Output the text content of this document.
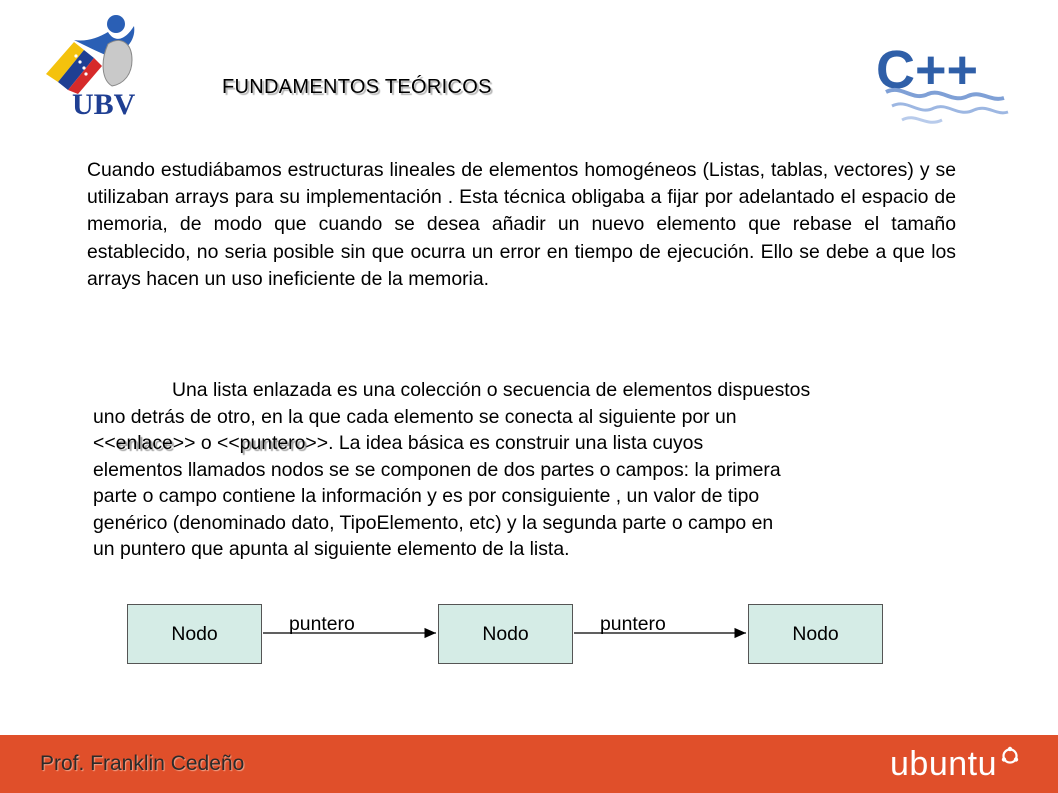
UBV
C++
FUNDAMENTOS TEÓRICOS
Cuando estudiábamos estructuras lineales de elementos homogéneos (Listas, tablas, vectores) y se utilizaban arrays para su implementación . Esta técnica obligaba a fijar por adelantado el espacio de memoria, de modo que cuando se desea añadir un nuevo elemento que rebase el tamaño establecido, no seria posible sin que ocurra un error en tiempo de ejecución. Ello se debe a que los arrays hacen un uso ineficiente de la memoria.
Una lista enlazada es una colección o secuencia de elementos dispuestos
uno detrás de otro, en la que cada elemento se conecta al siguiente por un
<<enlace>> o <<puntero>>. La idea básica es construir una lista cuyos
elementos llamados nodos se se componen de dos partes o campos: la primera
parte o campo contiene la información y es por consiguiente , un valor de tipo
genérico (denominado dato, TipoElemento, etc) y la segunda parte o campo en
un puntero que apunta al siguiente elemento de la lista.
Nodo	Nodo	Nodo
puntero	puntero
Prof. Franklin Cedeño	ubuntu
